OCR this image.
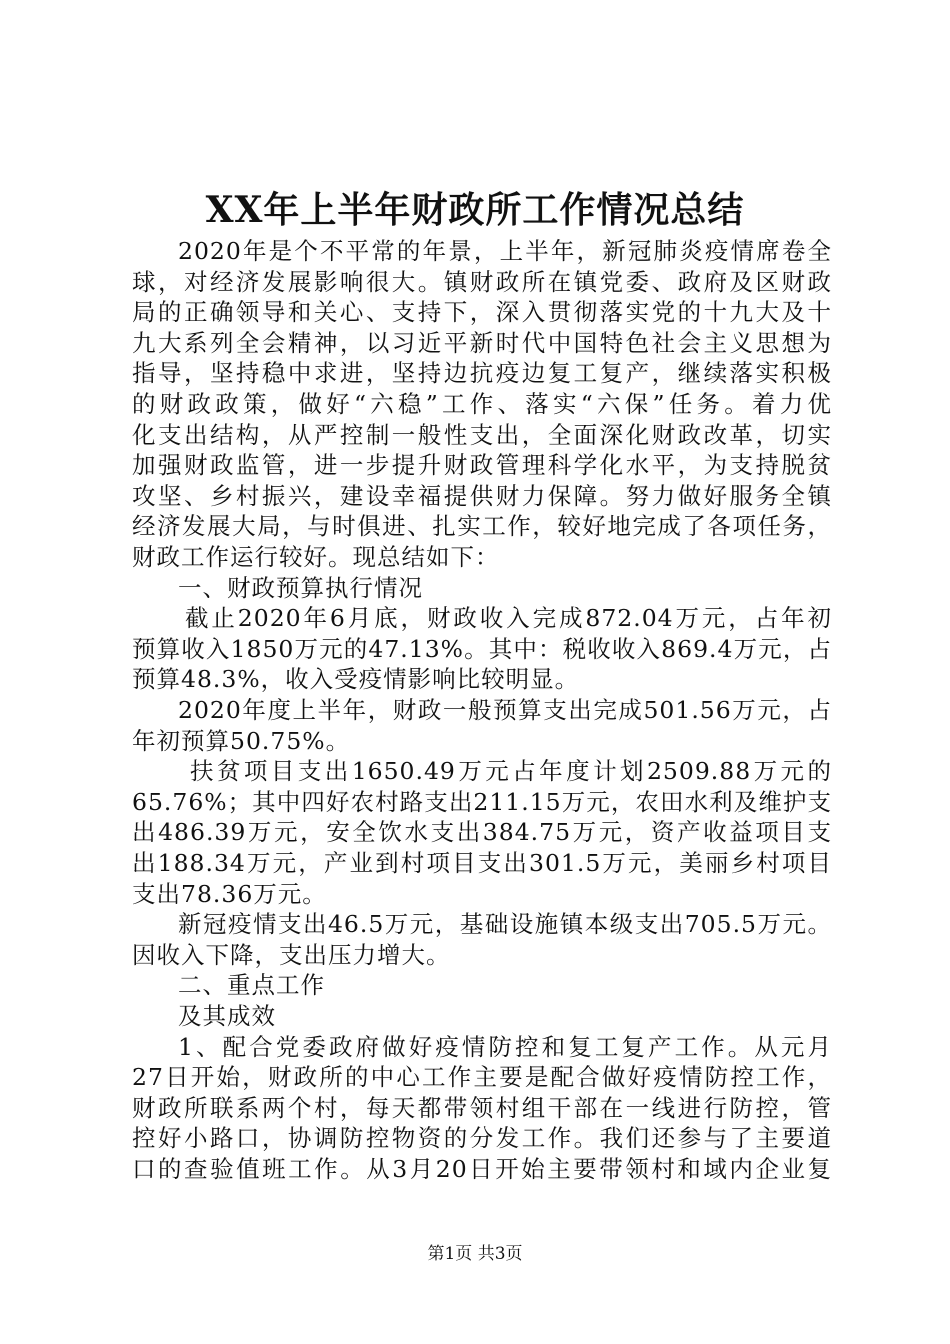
XX年上半年财政所工作情况总结
2020年是个不平常的年景，上半年，新冠肺炎疫情席卷全
球，对经济发展影响很大。镇财政所在镇党委、政府及区财政
局的正确领导和关心、支持下，深入贯彻落实党的十九大及十
九大系列全会精神，以习近平新时代中国特色社会主义思想为
指导，坚持稳中求进，坚持边抗疫边复工复产，继续落实积极
的财政政策，做好“六稳”工作、落实“六保”任务。着力优
化支出结构，从严控制一般性支出，全面深化财政改革，切实
加强财政监管，进一步提升财政管理科学化水平，为支持脱贫
攻坚、乡村振兴，建设幸福提供财力保障。努力做好服务全镇
经济发展大局，与时俱进、扎实工作，较好地完成了各项任务，
财政工作运行较好。现总结如下：
一、财政预算执行情况
截止2020年6月底，财政收入完成872.04万元，占年初
预算收入1850万元的47.13%。其中：税收收入869.4万元，占
预算48.3%，收入受疫情影响比较明显。
2020年度上半年，财政一般预算支出完成501.56万元，占
年初预算50.75%。
扶贫项目支出1650.49万元占年度计划2509.88万元的
65.76%；其中四好农村路支出211.15万元，农田水利及维护支
出486.39万元，安全饮水支出384.75万元，资产收益项目支
出188.34万元，产业到村项目支出301.5万元，美丽乡村项目
支出78.36万元。
新冠疫情支出46.5万元，基础设施镇本级支出705.5万元。
因收入下降，支出压力增大。
二、重点工作
及其成效
1、配合党委政府做好疫情防控和复工复产工作。从元月
27日开始，财政所的中心工作主要是配合做好疫情防控工作，
财政所联系两个村，每天都带领村组干部在一线进行防控，管
控好小路口，协调防控物资的分发工作。我们还参与了主要道
口的查验值班工作。从3月20日开始主要带领村和域内企业复
第1页 共3页
